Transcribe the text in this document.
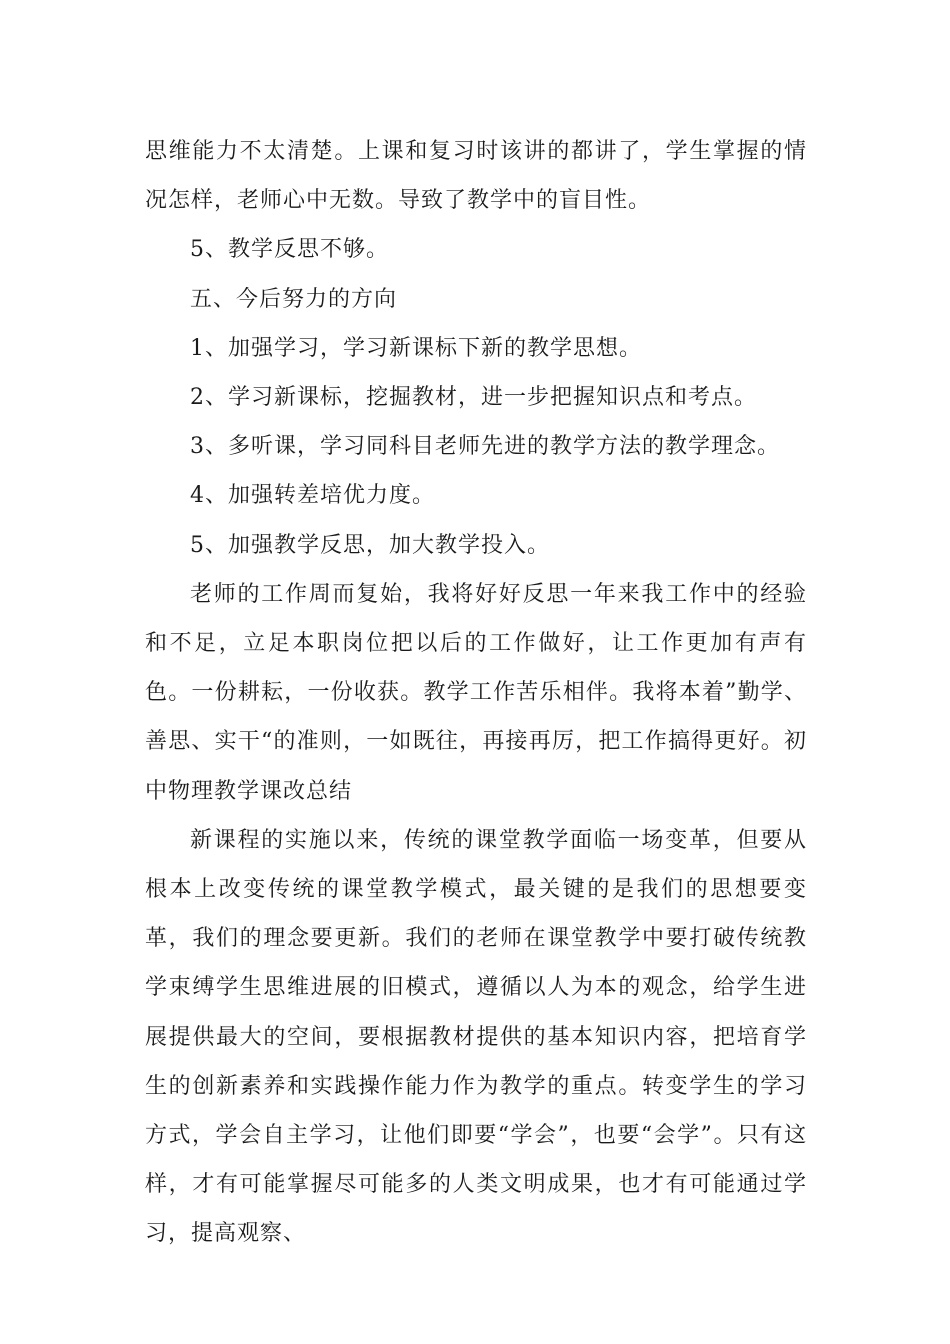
思维能力不太清楚。上课和复习时该讲的都讲了，学生掌握的情况怎样，老师心中无数。导致了教学中的盲目性。

5、教学反思不够。

五、今后努力的方向

1、加强学习，学习新课标下新的教学思想。

2、学习新课标，挖掘教材，进一步把握知识点和考点。

3、多听课，学习同科目老师先进的教学方法的教学理念。

4、加强转差培优力度。

5、加强教学反思，加大教学投入。

老师的工作周而复始，我将好好反思一年来我工作中的经验和不足，立足本职岗位把以后的工作做好，让工作更加有声有色。一份耕耘，一份收获。教学工作苦乐相伴。我将本着”勤学、善思、实干“的准则，一如既往，再接再厉，把工作搞得更好。初中物理教学课改总结

新课程的实施以来，传统的课堂教学面临一场变革，但要从根本上改变传统的课堂教学模式，最关键的是我们的思想要变革，我们的理念要更新。我们的老师在课堂教学中要打破传统教学束缚学生思维进展的旧模式，遵循以人为本的观念，给学生进展提供最大的空间，要根据教材提供的基本知识内容，把培育学生的创新素养和实践操作能力作为教学的重点。转变学生的学习方式，学会自主学习，让他们即要“学会”，也要“会学”。只有这样，才有可能掌握尽可能多的人类文明成果，也才有可能通过学习，提高观察、
